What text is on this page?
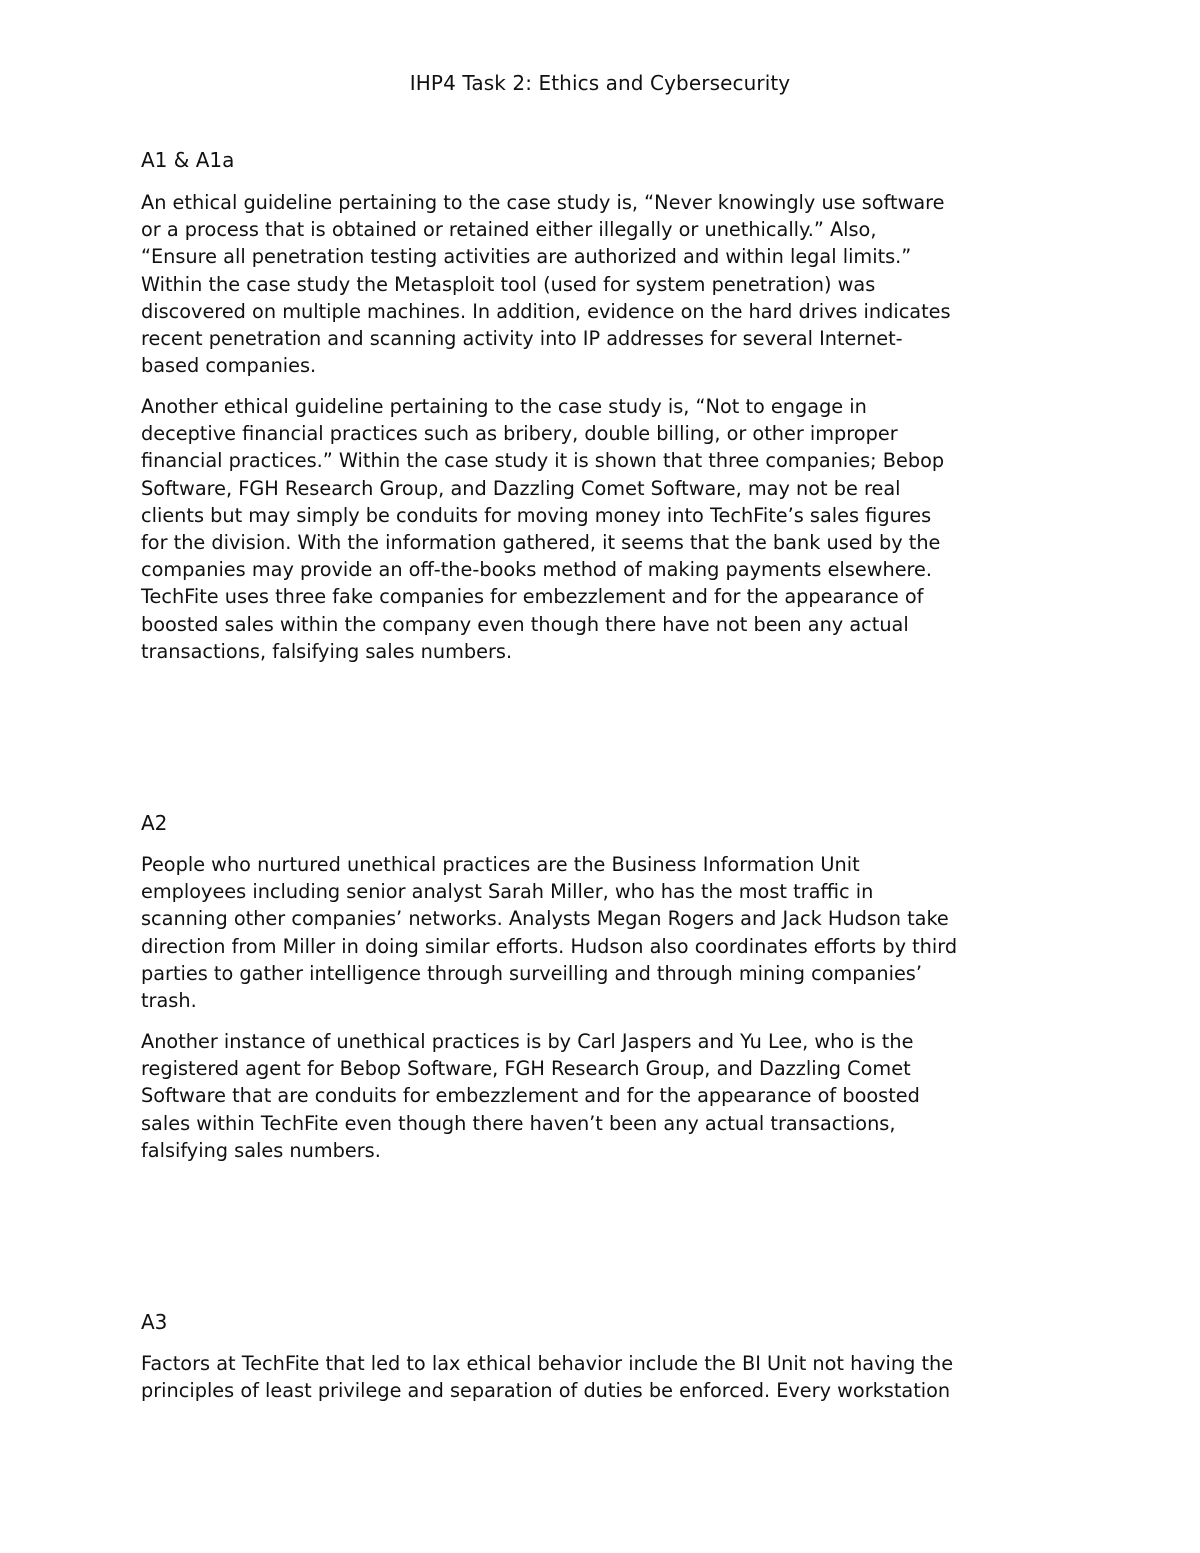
IHP4 Task 2: Ethics and Cybersecurity
A1 & A1a

An ethical guideline pertaining to the case study is, “Never knowingly use software
or a process that is obtained or retained either illegally or unethically.” Also,
“Ensure all penetration testing activities are authorized and within legal limits.”
Within the case study the Metasploit tool (used for system penetration) was
discovered on multiple machines. In addition, evidence on the hard drives indicates
recent penetration and scanning activity into IP addresses for several Internet-
based companies.

Another ethical guideline pertaining to the case study is, “Not to engage in
deceptive financial practices such as bribery, double billing, or other improper
financial practices.” Within the case study it is shown that three companies; Bebop
Software, FGH Research Group, and Dazzling Comet Software, may not be real
clients but may simply be conduits for moving money into TechFite’s sales figures
for the division. With the information gathered, it seems that the bank used by the
companies may provide an off-the-books method of making payments elsewhere.
TechFite uses three fake companies for embezzlement and for the appearance of
boosted sales within the company even though there have not been any actual
transactions, falsifying sales numbers.

A2

People who nurtured unethical practices are the Business Information Unit
employees including senior analyst Sarah Miller, who has the most traffic in
scanning other companies’ networks. Analysts Megan Rogers and Jack Hudson take
direction from Miller in doing similar efforts. Hudson also coordinates efforts by third
parties to gather intelligence through surveilling and through mining companies’
trash.

Another instance of unethical practices is by Carl Jaspers and Yu Lee, who is the
registered agent for Bebop Software, FGH Research Group, and Dazzling Comet
Software that are conduits for embezzlement and for the appearance of boosted
sales within TechFite even though there haven’t been any actual transactions,
falsifying sales numbers.

A3

Factors at TechFite that led to lax ethical behavior include the BI Unit not having the
principles of least privilege and separation of duties be enforced. Every workstation
